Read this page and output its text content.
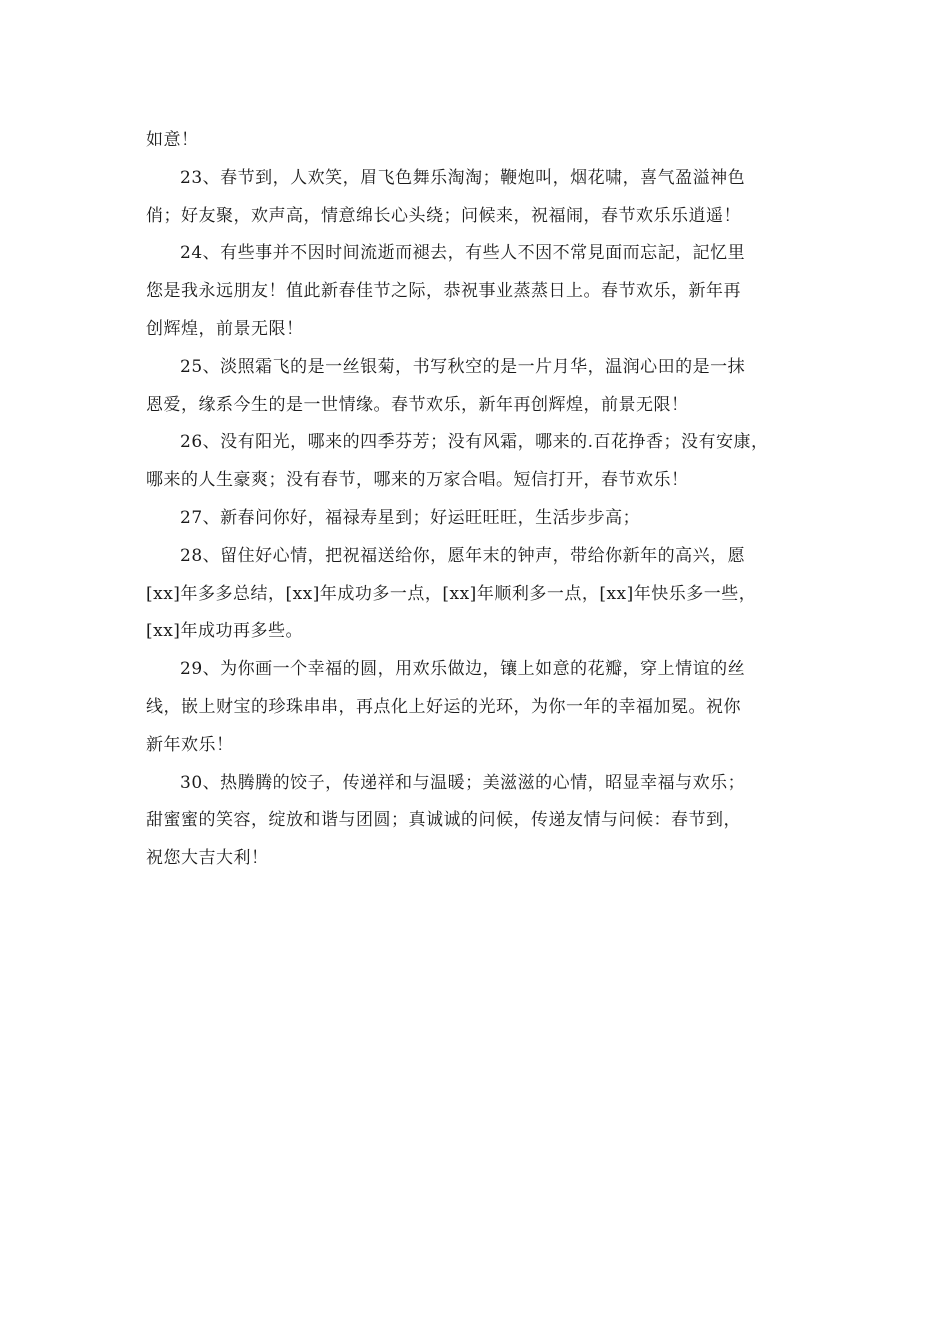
如意！
23、春节到，人欢笑，眉飞色舞乐淘淘；鞭炮叫，烟花啸，喜气盈溢神色
俏；好友聚，欢声高，情意绵长心头绕；问候来，祝福闹，春节欢乐乐逍遥！
24、有些事并不因时间流逝而褪去，有些人不因不常見面而忘記，記忆里
您是我永远朋友！值此新春佳节之际，恭祝事业蒸蒸日上。春节欢乐，新年再
创辉煌，前景无限！
25、淡照霜飞的是一丝银菊，书写秋空的是一片月华，温润心田的是一抹
恩爱，缘系今生的是一世情缘。春节欢乐，新年再创辉煌，前景无限！
26、没有阳光，哪来的四季芬芳；没有风霜，哪来的.百花挣香；没有安康，
哪来的人生豪爽；没有春节，哪来的万家合唱。短信打开，春节欢乐！
27、新春问你好，福禄寿星到；好运旺旺旺，生活步步高；
28、留住好心情，把祝福送给你，愿年末的钟声，带给你新年的高兴，愿
[xx]年多多总结，[xx]年成功多一点，[xx]年顺利多一点，[xx]年快乐多一些，
[xx]年成功再多些。
29、为你画一个幸福的圆，用欢乐做边，镶上如意的花瓣，穿上情谊的丝
线，嵌上财宝的珍珠串串，再点化上好运的光环，为你一年的幸福加冕。祝你
新年欢乐！
30、热腾腾的饺子，传递祥和与温暖；美滋滋的心情，昭显幸福与欢乐；
甜蜜蜜的笑容，绽放和谐与团圆；真诚诚的问候，传递友情与问候：春节到，
祝您大吉大利！
